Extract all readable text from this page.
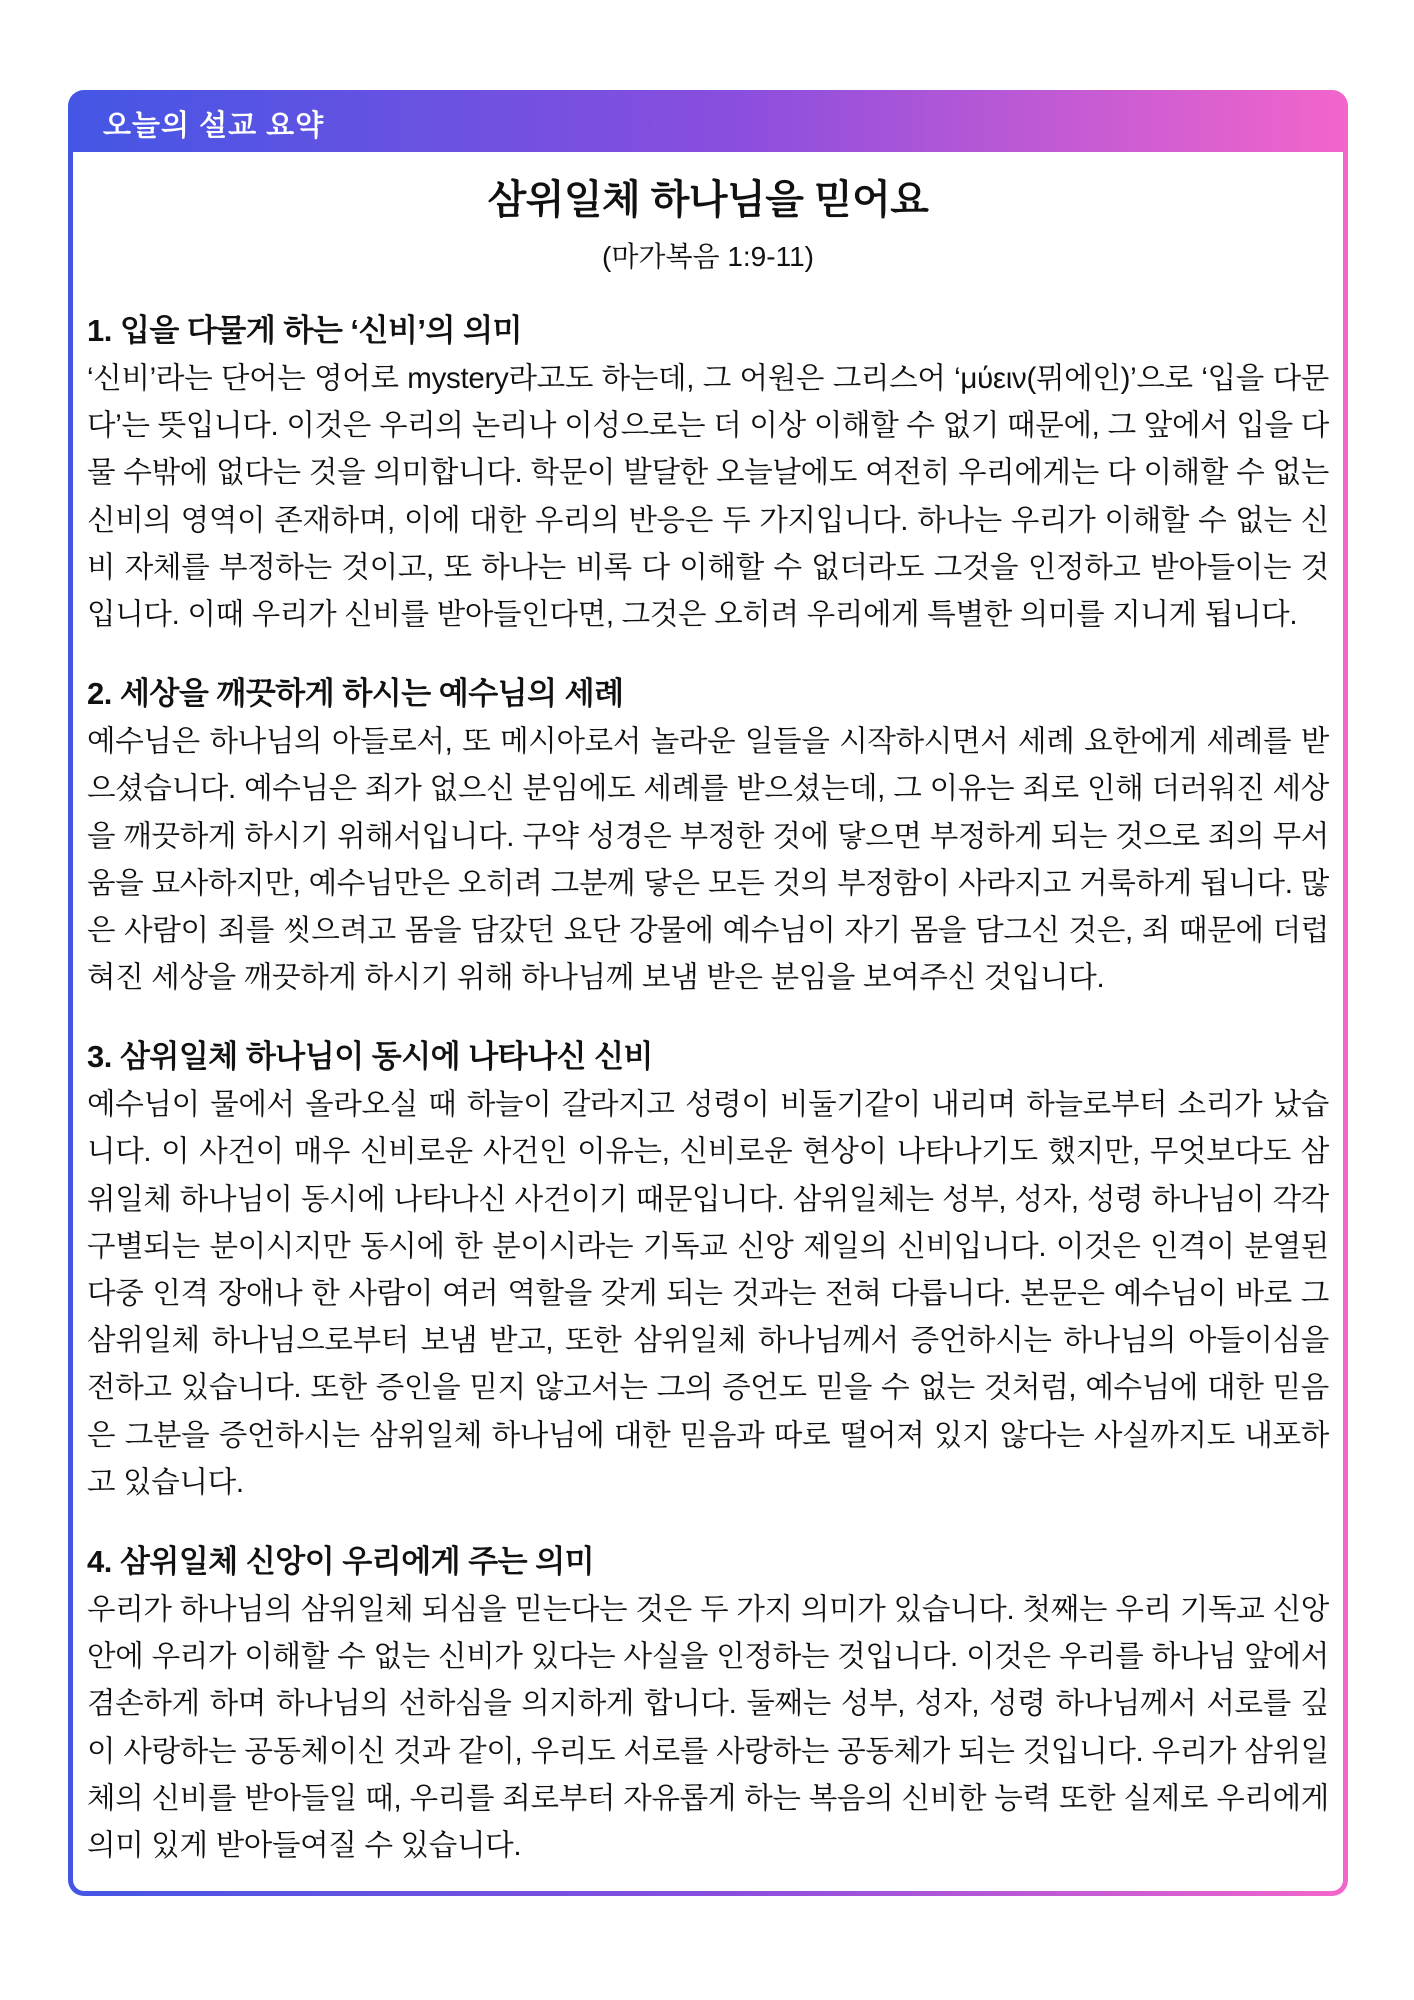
오늘의 설교 요약
삼위일체 하나님을 믿어요

(마가복음 1:9-11)

1. 입을 다물게 하는 ‘신비’의 의미

‘신비’라는 단어는 영어로 mystery라고도 하는데, 그 어원은 그리스어 ‘μύειν(뮈에인)’으로 ‘입을 다문다’는 뜻입니다. 이것은 우리의 논리나 이성으로는 더 이상 이해할 수 없기 때문에, 그 앞에서 입을 다물 수밖에 없다는 것을 의미합니다. 학문이 발달한 오늘날에도 여전히 우리에게는 다 이해할 수 없는 신비의 영역이 존재하며, 이에 대한 우리의 반응은 두 가지입니다. 하나는 우리가 이해할 수 없는 신비 자체를 부정하는 것이고, 또 하나는 비록 다 이해할 수 없더라도 그것을 인정하고 받아들이는 것입니다. 이때 우리가 신비를 받아들인다면, 그것은 오히려 우리에게 특별한 의미를 지니게 됩니다.

2. 세상을 깨끗하게 하시는 예수님의 세례

예수님은 하나님의 아들로서, 또 메시아로서 놀라운 일들을 시작하시면서 세례 요한에게 세례를 받으셨습니다. 예수님은 죄가 없으신 분임에도 세례를 받으셨는데, 그 이유는 죄로 인해 더러워진 세상을 깨끗하게 하시기 위해서입니다. 구약 성경은 부정한 것에 닿으면 부정하게 되는 것으로 죄의 무서움을 묘사하지만, 예수님만은 오히려 그분께 닿은 모든 것의 부정함이 사라지고 거룩하게 됩니다. 많은 사람이 죄를 씻으려고 몸을 담갔던 요단 강물에 예수님이 자기 몸을 담그신 것은, 죄 때문에 더럽혀진 세상을 깨끗하게 하시기 위해 하나님께 보냄 받은 분임을 보여주신 것입니다.

3. 삼위일체 하나님이 동시에 나타나신 신비

예수님이 물에서 올라오실 때 하늘이 갈라지고 성령이 비둘기같이 내리며 하늘로부터 소리가 났습니다. 이 사건이 매우 신비로운 사건인 이유는, 신비로운 현상이 나타나기도 했지만, 무엇보다도 삼위일체 하나님이 동시에 나타나신 사건이기 때문입니다. 삼위일체는 성부, 성자, 성령 하나님이 각각 구별되는 분이시지만 동시에 한 분이시라는 기독교 신앙 제일의 신비입니다. 이것은 인격이 분열된 다중 인격 장애나 한 사람이 여러 역할을 갖게 되는 것과는 전혀 다릅니다. 본문은 예수님이 바로 그 삼위일체 하나님으로부터 보냄 받고, 또한 삼위일체 하나님께서 증언하시는 하나님의 아들이심을 전하고 있습니다. 또한 증인을 믿지 않고서는 그의 증언도 믿을 수 없는 것처럼, 예수님에 대한 믿음은 그분을 증언하시는 삼위일체 하나님에 대한 믿음과 따로 떨어져 있지 않다는 사실까지도 내포하고 있습니다.

4. 삼위일체 신앙이 우리에게 주는 의미

우리가 하나님의 삼위일체 되심을 믿는다는 것은 두 가지 의미가 있습니다. 첫째는 우리 기독교 신앙 안에 우리가 이해할 수 없는 신비가 있다는 사실을 인정하는 것입니다. 이것은 우리를 하나님 앞에서 겸손하게 하며 하나님의 선하심을 의지하게 합니다. 둘째는 성부, 성자, 성령 하나님께서 서로를 깊이 사랑하는 공동체이신 것과 같이, 우리도 서로를 사랑하는 공동체가 되는 것입니다. 우리가 삼위일체의 신비를 받아들일 때, 우리를 죄로부터 자유롭게 하는 복음의 신비한 능력 또한 실제로 우리에게 의미 있게 받아들여질 수 있습니다.
